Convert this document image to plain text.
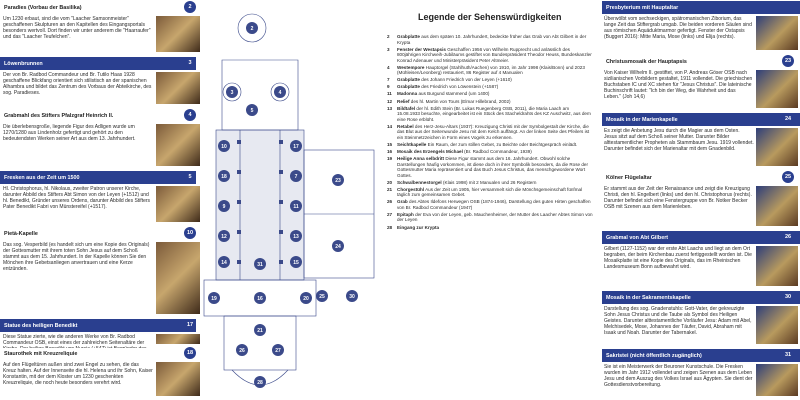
Paradies (Vorbau der Basilika)	2
Um 1230 erbaut, sind die vom "Laacher Samsonmeister" geschaffenen Skulpturen an den Kapitellen des Eingangsportals besonders wertvoll. Dort finden wir unter anderem die "Haarraufer" und das "Laacher Teufelchen".
Löwenbrunnen	3
Der von Br. Radbod Commandeur und Br. Tutilo Haas 1928 geschaffene Blickfang orientiert sich stilistisch an der spanischen Alhambra und bildet das Zentrum des Vorbaus der Abteikirche, des sog. Paradieses.
Grabmahl des Stifters Pfalzgraf Heinrich II.	4
Die überlebensgroße, liegende Figur des Adligen wurde um 1270/1280 aus Lindenholz gefertigt und gehört zu den bedeutendsten Werken seiner Art aus dem 13. Jahrhundert.
Fresken aus der Zeit um 1500	5
Hl. Christophorus, hl. Nikolaus, zweiter Patron unserer Kirche, darunter Abbild des Stifters Abt Simon von der Leyen (+1512) und hl. Benedikt, Gründer unseres Ordens, darunter Abbild des Stifters Pater Benedikt Fabri von Münstereifel (+1517).
Pietà-Kapelle	10
Das sog. Vesperbild (es handelt sich um eine Kopie des Originals) der Gottesmutter mit ihrem toten Sohn Jesus auf dem Schoß stammt aus dem 15. Jahrhundert. In der Kapelle können Sie den Mönchen ihre Gebetsanliegen anvertrauen und eine Kerze entzünden.
Statue des heiligen Benedikt	17
Diese Statue zierte, wie die anderen Werke von Br. Radbod Commandeur OSB, einst eines der zahlreichen Seitenaltäre der
Staurothek mit Kreuzreliquie	18
Auf den Flügeltüren außen sind zwei Engel zu sehen, die das Kreuz halten. Auf der Innenseite die hl. Helena und ihr Sohn, Kaiser Konstantin, mit der dem Kloster um 1230 geschenkten Kreuzreliquie, die noch heute besonders verehrt wird.
2
3	4
5
10	17
18	7
9	11
12	13
14	15
16
19	20
21
26	27
28
23
24
25	30
31
Legende der Sehenswürdigkeiten
2 Grabplatte aus dem späten 10. Jahrhundert, bedeckte früher das Grab von Abt Gilbert in der Krypta
3 Fenster der Westapsis Geschaffen 1956 von Wilhelm Rupprecht und anlässlich des 800jährigen Kirchweih-Jubiläums gestiftet von Bundespräsident Theodor Heuss, Bundeskanzler Konrad Adenauer und Ministerpräsident Peter Altmeier.
4 Westempore Hauptorgel (Stahlhuth/Aachen) von 1910, im Jahr 1998 (Klais/Bonn) und 2023 (Mühleisen/Leonberg) restauriert, 86 Register auf 4 Manualen
7 Grabplatte des Johann Friedrich von der Leyen (+1610)
9 Grabplatte des Friedrich von Löwenstein (+1587)
11 Madonna aus Burgund stammend (um 1400)
12 Relief des hl. Martin von Tours (Elmar Hillebrand, 2002)
13 Bildtafel der hl. Edith Stein (Br. Lukas Ruegenberg OSB, 2011), die Maria Laach am 15.08.1933 besuchte, eingearbeitet ist ein Stück des Stacheldrahts des KZ Auschwitz, aus dem eine Rose erblüht.
14 Retabel des Herz-Jesu-Altars (1937): Kreuzigung Christi mit der Symbolgestalt der Kirche, die das Blut aus der Seitenwunde Jesu mit dem Kelch auffängt. An der linken Seite des Pfeilers ist ein Steinmetzzeichen in Form eines Vogels zu erkennen.
15 Seichtkapelle Ein Raum, der zum stillen Gebet, zu Beichte oder Beichtgespräch einlädt.
16 Mosaik des Erzengels Michael (Br. Radbod Commandeur, 1939)
19 Heilige Anna selbdritt Diese Figur stammt aus dem 16. Jahrhundert. Obwohl solche Darstellungen häufig vorkommen, ist diese doch in ihrer Symbolik besonders, da die Rose der Gottesmutter Maria repräsentiert und das Buch Jesus Christus, das menschgewordene Wort Gottes.
20 Schwalbennestorgel (Klais 1998) mit 2 Manualen und 26 Registern
21 Chorgestühl Aus der Zeit um 1905, hier versammelt sich die Mönchsgemeinschaft fünfmal täglich zum gemeinsamen Gebet.
26 Grab des Abtes Ildefons Herwegen OSB (1874-1946), Darstellung des guten Hirten geschaffen von Br. Radbod Commandeur (1947)
27 Epitaph der Eva von der Leyen, geb. Mauchenheimer, der Mutter des Laacher Abtes Simon von der Leyen
28 Eingang zur Krypta
Presbyterium mit Hauptaltar
Überwölbt vom sechseckigen, spätromanischen Ziborium, das lange Zeit das Stiftergrab umgab. Die beiden vorderen Säulen sind aus römischen Aquäduktmarmor gefertigt. Fenster der Ostapsis (Buggert 2016): Mitte Maria, Mose (links) und Elija (rechts).
Christusmosaik der Hauptapsis	23
Von Kaiser Wilhelm II. gestiftet, von P. Andreas Göser OSB nach sizilianischen Vorbildern gestaltet, 1911 vollendet. Die griechischen Buchstaben IC und XC stehen für "Jesus Christus". Die lateinische Buchinschrift lautet: "Ich bin der Weg, die Wahrheit und das Leben." (Joh 14,6)
Mosaik in der Marienkapelle	24
Es zeigt die Anbetung Jesu durch die Magier aus dem Osten. Jesus sitzt auf dem Schoß seiner Mutter. Darunter Bilder alttestamentlicher Propheten als Stammbaum Jesu. 1919 vollendet. Darunter befindet sich der Marienaltar mit dem Gnadenbild.
Kölner Flügelaltar	25
Er stammt aus der Zeit der Renaissance und zeigt die Kreuzigung Christi, den hl. Engelbert (links) und den hl. Christophorus (rechts). Darunter befindet sich eine Fenstergruppe von Br. Notker Becker OSB mit Szenen aus dem Marienleben.
Grabmal von Abt Gilbert	26
Gilbert (1127-1152) war der erste Abt Laachs und liegt an dem Ort begraben, der beim Kirchenbau zuerst fertiggestellt worden ist. Die Mosaikplatte ist eine Kopie des Originals, das im Rheinischen Landesmuseum Bonn aufbewahrt wird.
Mosaik in der Sakramentskapelle	30
Darstellung des sog. Gnadenstuhls: Gott-Vater, der gekreuzigte Sohn Jesus Christus und die Taube als Symbol des Heiligen Geistes. Darunter alttestamentliche Vorläufer Jesu: Adam mit Abel, Melchisedek, Mose, Johannes der Täufer, David, Abraham mit Isaak und Noah. Darunter der Tabernakel.
Sakristei (nicht öffentlich zugänglich)	31
Sie ist ein Meisterwerk der Beuroner Kunstschule. Die Fresken wurden im Jahr 1912 vollendet und zeigen Szenen aus dem Leben Jesu und dem Auszug des Volkes Israel aus Ägypten. Sie dient der Gottesdienstvorbereitung.
